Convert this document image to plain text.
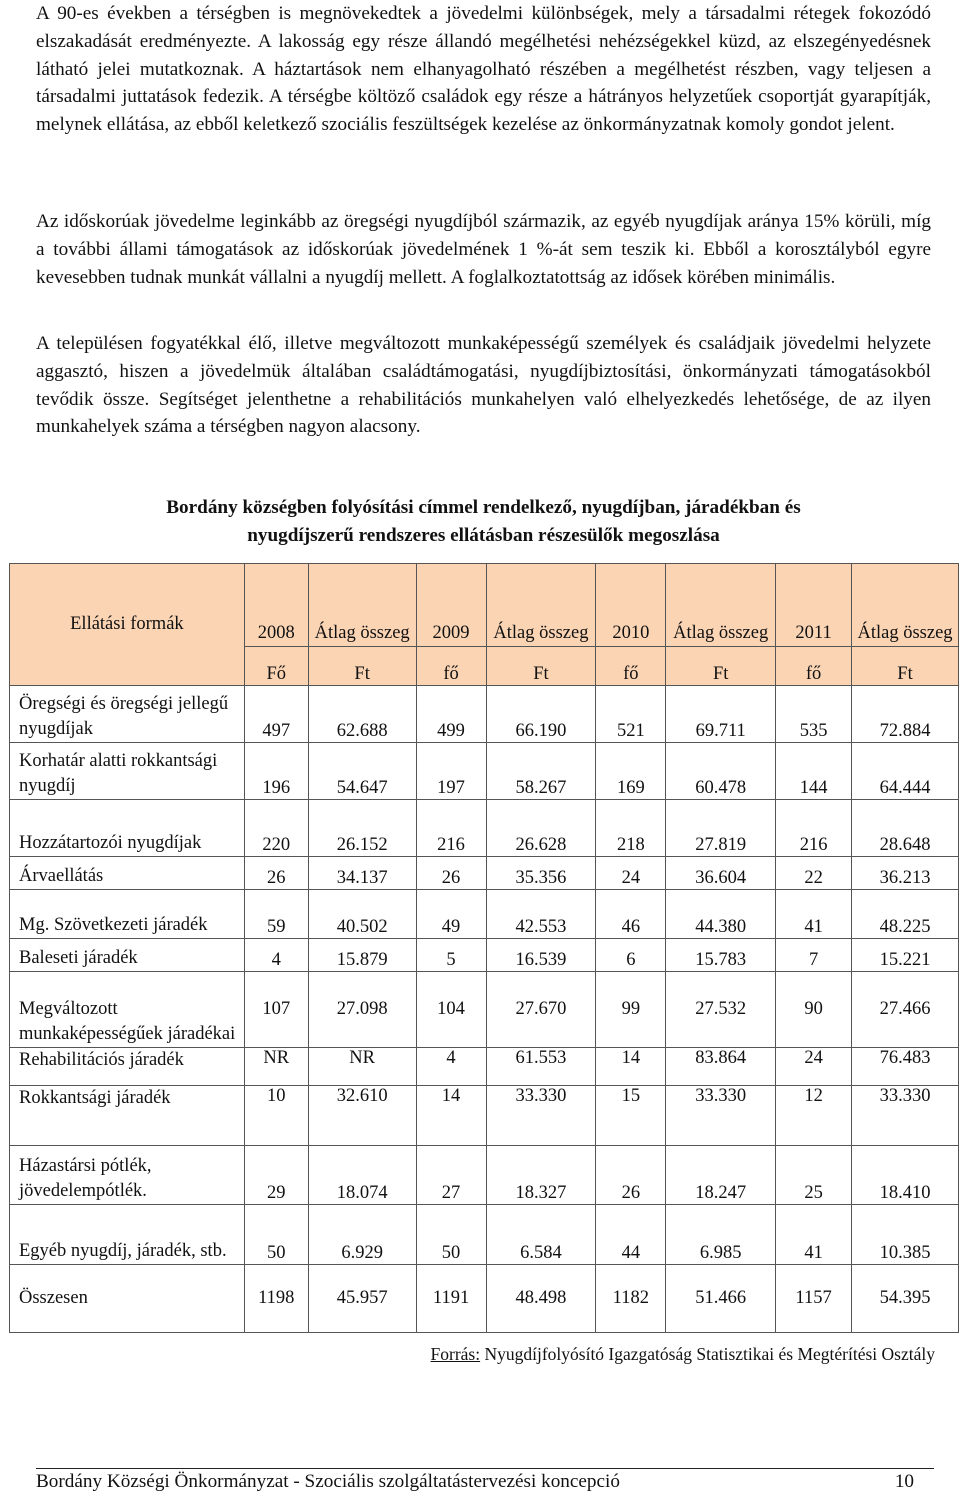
A 90-es években a térségben is megnövekedtek a jövedelmi különbségek, mely a társadalmi rétegek fokozódó elszakadását eredményezte. A lakosság egy része állandó megélhetési nehézségekkel küzd, az elszegényedésnek látható jelei mutatkoznak. A háztartások nem elhanyagolható részében a megélhetést részben, vagy teljesen a társadalmi juttatások fedezik. A térségbe költöző családok egy része a hátrányos helyzetűek csoportját gyarapítják, melynek ellátása, az ebből keletkező szociális feszültségek kezelése az önkormányzatnak komoly gondot jelent.

Az időskorúak jövedelme leginkább az öregségi nyugdíjból származik, az egyéb nyugdíjak aránya 15% körüli, míg a további állami támogatások az időskorúak jövedelmének 1 %-át sem teszik ki. Ebből a korosztályból egyre kevesebben tudnak munkát vállalni a nyugdíj mellett. A foglalkoztatottság az idősek körében minimális.

A településen fogyatékkal élő, illetve megváltozott munkaképességű személyek és családjaik jövedelmi helyzete aggasztó, hiszen a jövedelmük általában családtámogatási, nyugdíjbiztosítási, önkormányzati támogatásokból tevődik össze. Segítséget jelenthetne a rehabilitációs munkahelyen való elhelyezkedés lehetősége, de az ilyen munkahelyek száma a térségben nagyon alacsony.

Bordány községben folyósítási címmel rendelkező, nyugdíjban, járadékban és
nyugdíjszerű rendszeres ellátásban részesülők megoszlása
Ellátási formák	2008	Átlag összeg	2009	Átlag összeg	2010	Átlag összeg	2011	Átlag összeg
	Fő	Ft	fő	Ft	fő	Ft	fő	Ft
Öregségi és öregségi jellegű nyugdíjak	497	62.688	499	66.190	521	69.711	535	72.884
Korhatár alatti rokkantsági nyugdíj	196	54.647	197	58.267	169	60.478	144	64.444
Hozzátartozói nyugdíjak	220	26.152	216	26.628	218	27.819	216	28.648
Árvaellátás	26	34.137	26	35.356	24	36.604	22	36.213
Mg. Szövetkezeti járadék	59	40.502	49	42.553	46	44.380	41	48.225
Baleseti járadék	4	15.879	5	16.539	6	15.783	7	15.221
Megváltozott munkaképességűek járadékai	107	27.098	104	27.670	99	27.532	90	27.466
Rehabilitációs járadék	NR	NR	4	61.553	14	83.864	24	76.483
Rokkantsági járadék	10	32.610	14	33.330	15	33.330	12	33.330
Házastársi pótlék, jövedelempótlék.	29	18.074	27	18.327	26	18.247	25	18.410
Egyéb nyugdíj, járadék, stb.	50	6.929	50	6.584	44	6.985	41	10.385
Összesen	1198	45.957	1191	48.498	1182	51.466	1157	54.395

Forrás: Nyugdíjfolyósító Igazgatóság Statisztikai és Megtérítési Osztály

Bordány Községi Önkormányzat - Szociális szolgáltatástervezési koncepció	10
